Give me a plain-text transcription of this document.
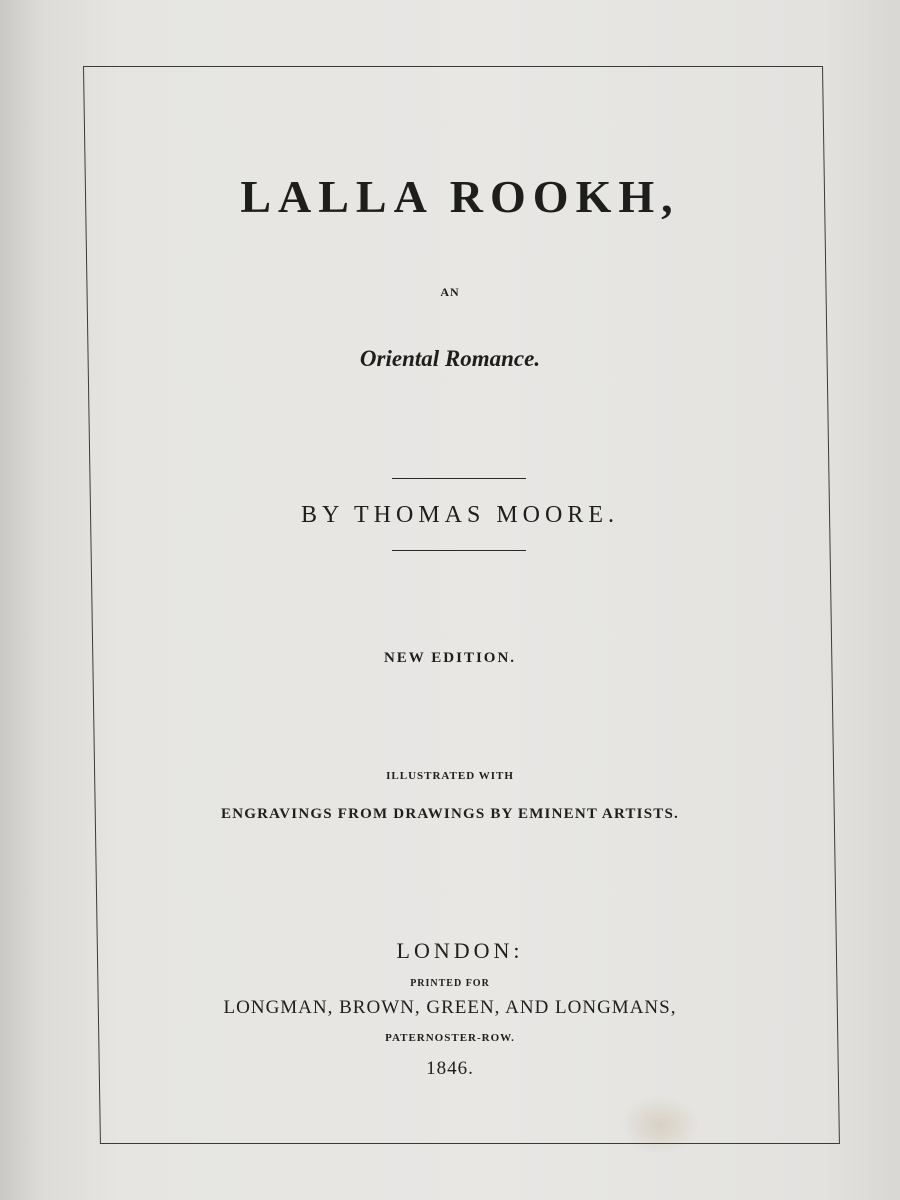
LALLA ROOKH,
AN
Oriental Romance.
BY THOMAS MOORE.
NEW EDITION.
ILLUSTRATED WITH
ENGRAVINGS FROM DRAWINGS BY EMINENT ARTISTS.
LONDON:
PRINTED FOR
LONGMAN, BROWN, GREEN, AND LONGMANS,
PATERNOSTER-ROW.
1846.
